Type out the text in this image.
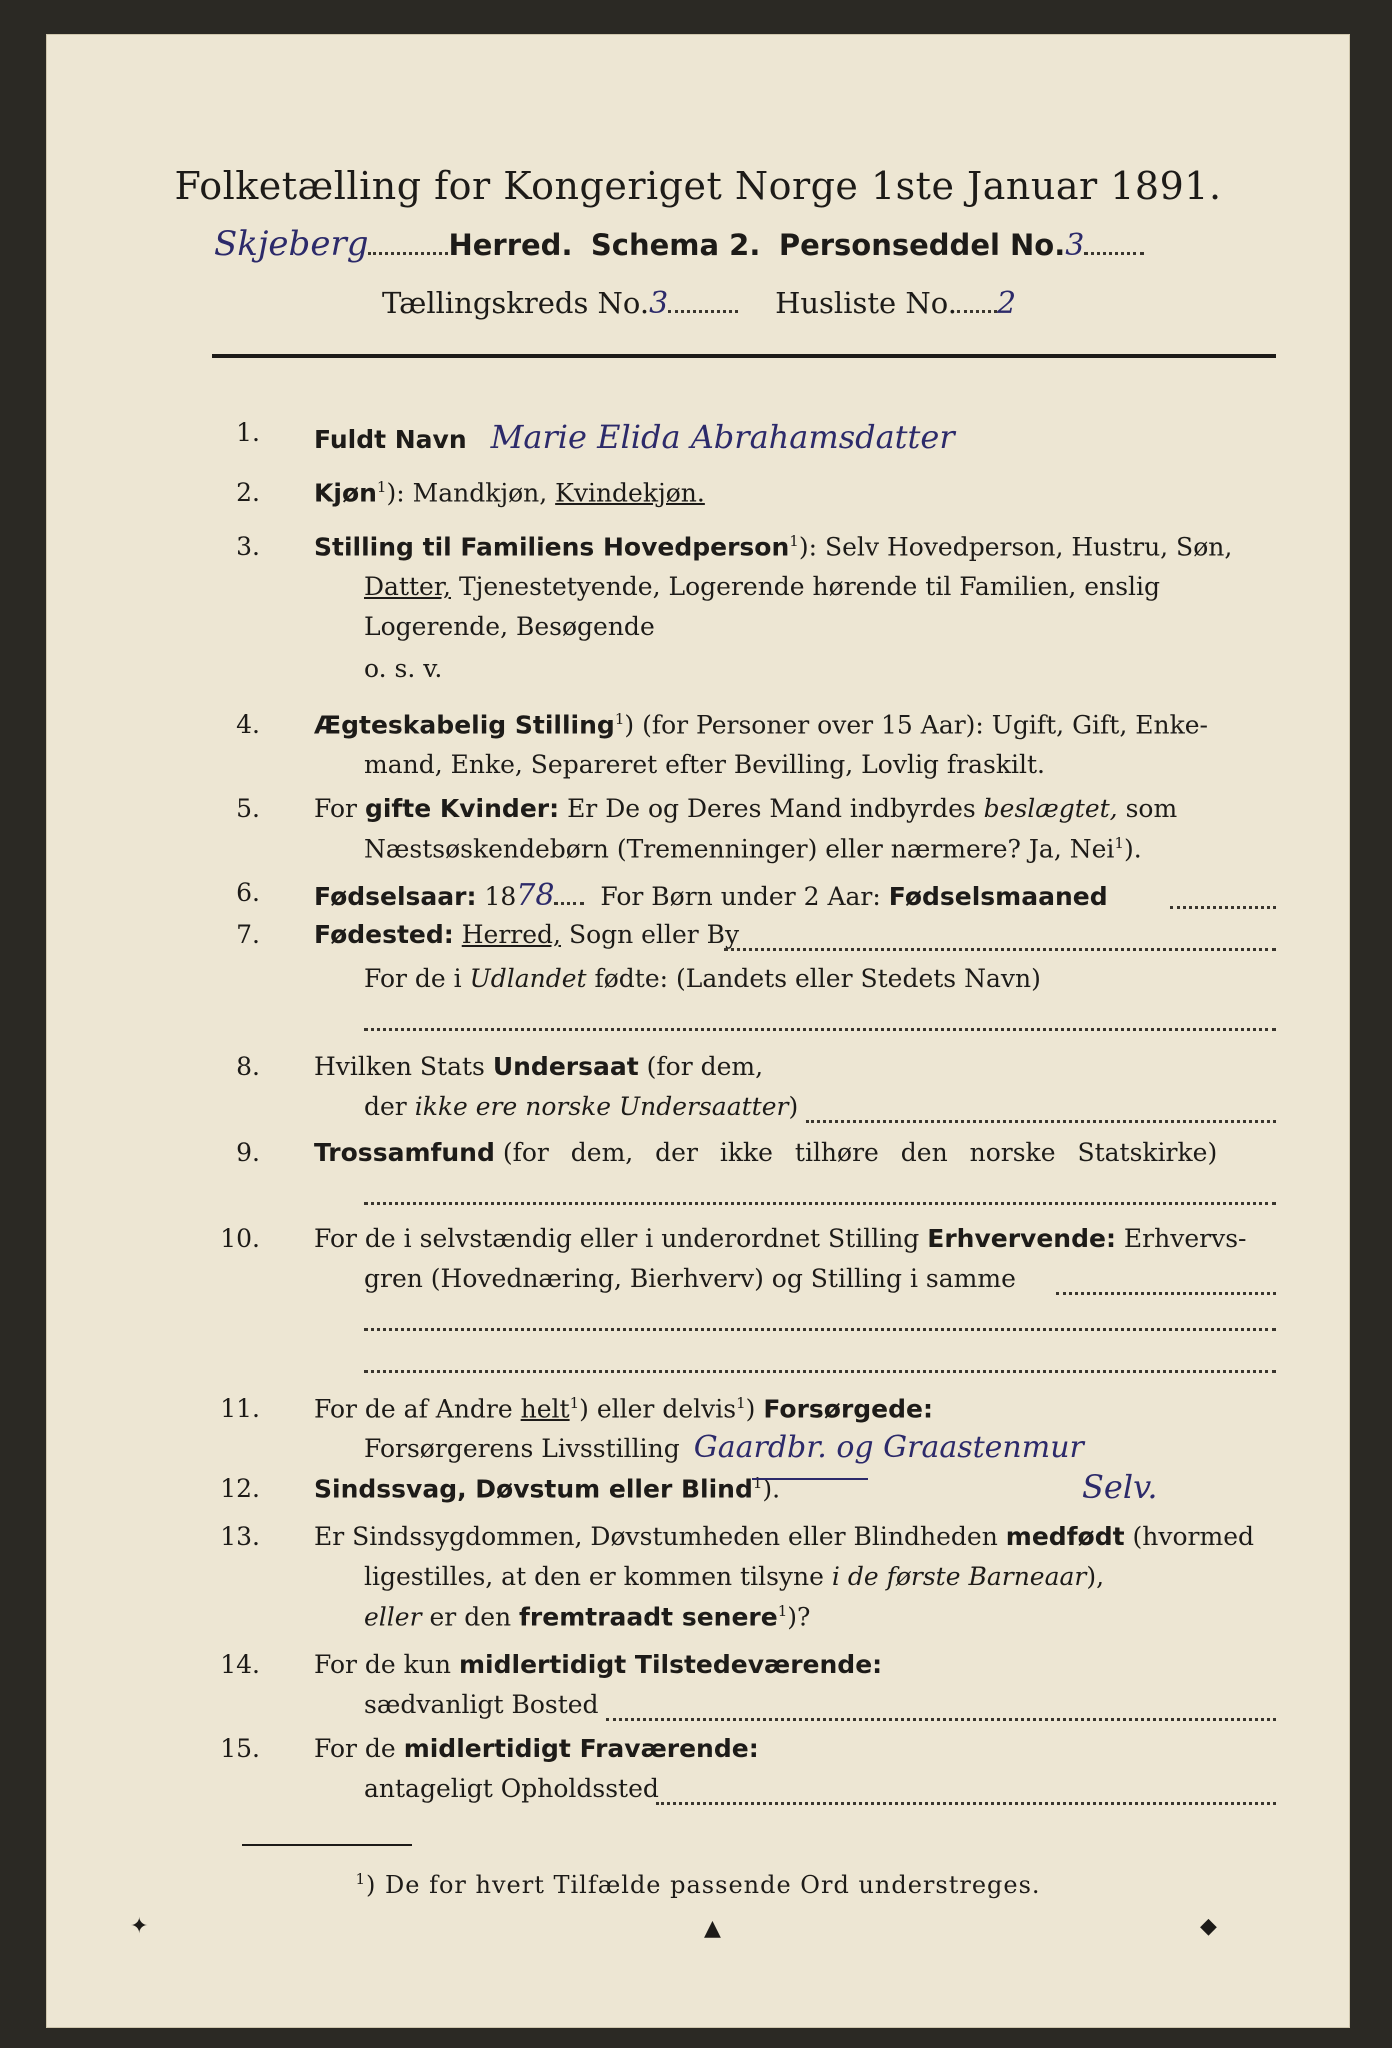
Folketælling for Kongeriget Norge 1ste Januar 1891.
Skjeberg	Herred. Schema 2. Personseddel No.3
Tællingskreds No.3	Husliste No. 2
1. Fuldt Navn Marie Elida Abrahamsdatter
2. Kjøn$^1$): Mandkjøn, Kvindekjøn.
3. Stilling til Familiens Hovedperson$^1$): Selv Hovedperson, Hustru, Søn,
Datter, Tjenestetyende, Logerende hørende til Familien, enslig
Logerende, Besøgende
o. s. v.
4. Ægteskabelig Stilling$^1$) (for Personer over 15 Aar): Ugift, Gift, Enke-
mand, Enke, Separeret efter Bevilling, Lovlig fraskilt.
5. For gifte Kvinder: Er De og Deres Mand indbyrdes beslægtet, som
Næstsøskendebørn (Tremenninger) eller nærmere? Ja, Nei$^1$).
6. Fødselsaar: 1878 For Børn under 2 Aar: Fødselsmaaned
7. Fødested: Herred, Sogn eller By
For de i Udlandet fødte: (Landets eller Stedets Navn)
8. Hvilken Stats Undersaat (for dem,
der ikke ere norske Undersaatter)
9. Trossamfund (for dem, der ikke tilhøre den norske Statskirke)
10. For de i selvstændig eller i underordnet Stilling Erhvervende: Erhvervs-
gren (Hovednæring, Bierhverv) og Stilling i samme
11. For de af Andre helt$^1$) eller delvis$^1$) Forsørgede:
Forsørgerens Livsstilling Gaardbr. og Graastenmur
12. Sindssvag, Døvstum eller Blind$^1$).	Selv.
13. Er Sindssygdommen, Døvstumheden eller Blindheden medfødt (hvormed
ligestilles, at den er kommen tilsyne i de første Barneaar),
eller er den fremtraadt senere$^1$)?
14. For de kun midlertidigt Tilstedeværende:
sædvanligt Bosted
15. For de midlertidigt Fraværende:
antageligt Opholdssted
$^1$) De for hvert Tilfælde passende Ord understreges.
✦	▲	◆
